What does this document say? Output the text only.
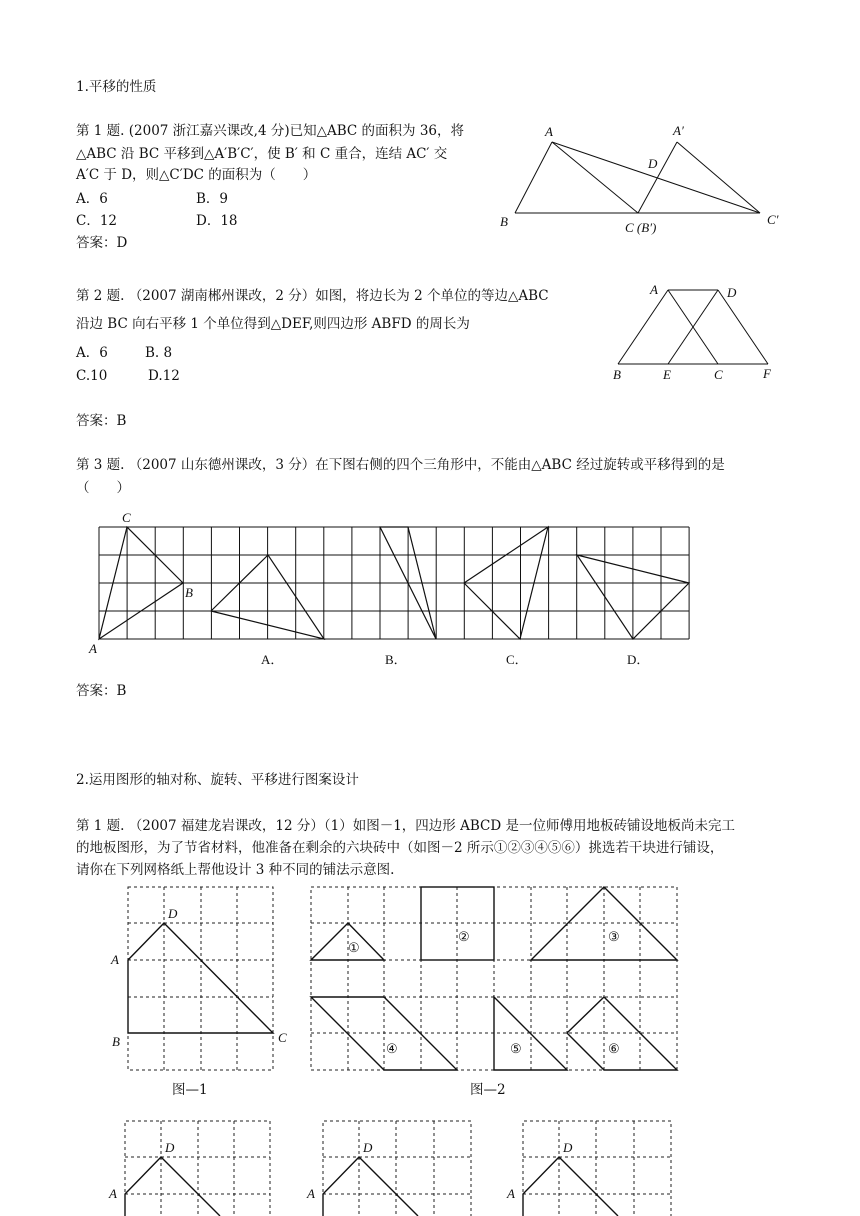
1.平移的性质
第 1 题. (2007 浙江嘉兴课改,4 分)已知△ABC 的面积为 36，将
△ABC 沿 BC 平移到△A′B′C′，使 B′ 和 C 重合，连结 AC′ 交
A′C 于 D，则△C′DC 的面积为（　　）
A．6	B．9
C．12	D．18
答案：D
A	A′
D
B	C (B′)
C′
第 2 题. （2007 湖南郴州课改，2 分）如图，将边长为 2 个单位的等边△ABC
沿边 BC 向右平移 1 个单位得到△DEF,则四边形 ABFD 的周长为
A．6	B. 8
C.10	D.12
答案：B
A	D
B	E	C	F
第 3 题. （2007 山东德州课改，3 分）在下图右侧的四个三角形中，不能由△ABC 经过旋转或平移得到的是
（　　）
C
B
A
A．	B．	C．	D．
答案：B
2.运用图形的轴对称、旋转、平移进行图案设计
第 1 题. （2007 福建龙岩课改，12 分）（1）如图－1，四边形 ABCD 是一位师傅用地板砖铺设地板尚未完工
的地板图形，为了节省材料，他准备在剩余的六块砖中（如图－2 所示①②③④⑤⑥）挑选若干块进行铺设，
请你在下列网格纸上帮他设计 3 种不同的铺法示意图.
D
A
B	C
图—1
①
②	③
④	⑤	⑥
图—2
D
A
D
A
D
A
